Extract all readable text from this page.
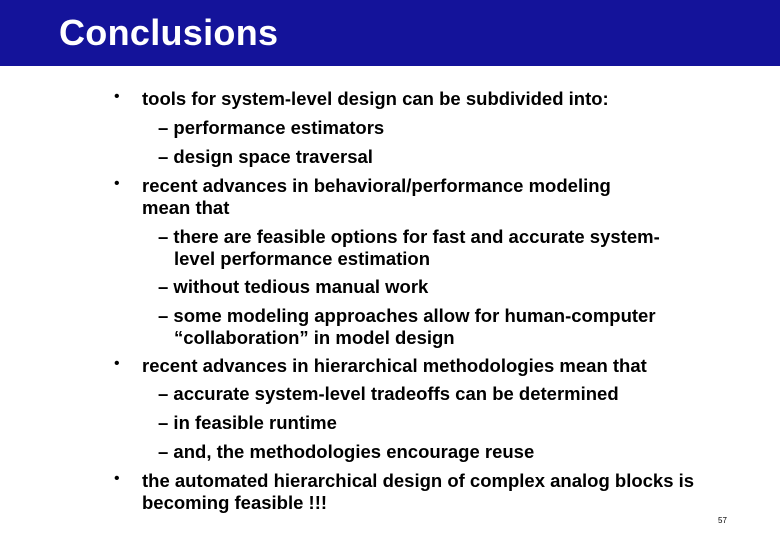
Conclusions
• tools for system-level design can be subdivided into:
– performance estimators
– design space traversal
• recent advances in behavioral/performance modeling
mean that
– there are feasible options for fast and accurate system-
level performance estimation
– without tedious manual work
– some modeling approaches allow for human-computer
“collaboration” in model design
• recent advances in hierarchical methodologies mean that
– accurate system-level tradeoffs can be determined
– in feasible runtime
– and, the methodologies encourage reuse
• the automated hierarchical design of complex analog blocks is
becoming feasible !!!
57
